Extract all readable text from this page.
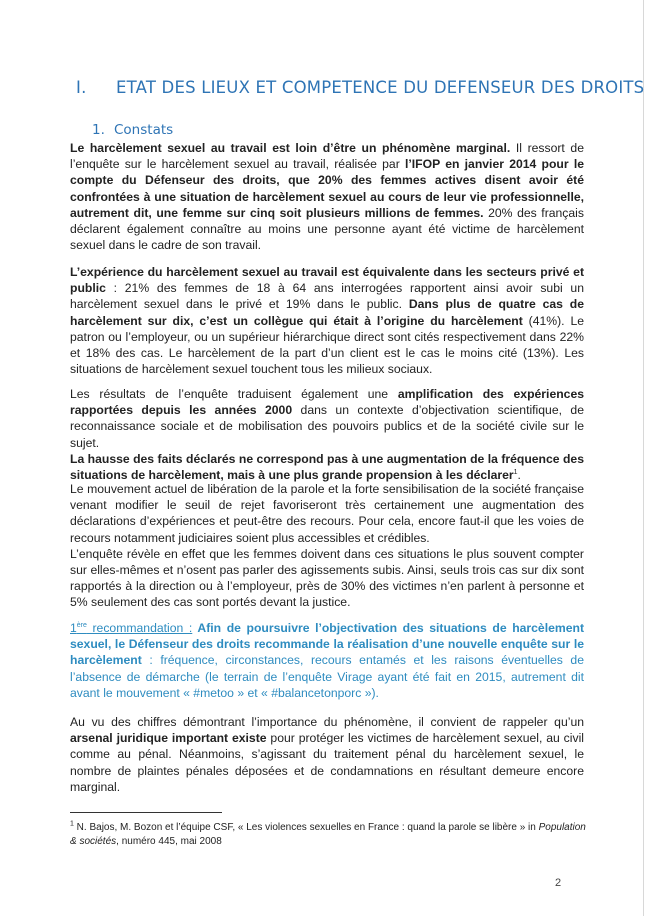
I. ETAT DES LIEUX ET COMPETENCE DU DEFENSEUR DES DROITS
1. Constats

Le harcèlement sexuel au travail est loin d’être un phénomène marginal. Il ressort de l’enquête sur le harcèlement sexuel au travail, réalisée par l’IFOP en janvier 2014 pour le compte du Défenseur des droits, que 20% des femmes actives disent avoir été confrontées à une situation de harcèlement sexuel au cours de leur vie professionnelle, autrement dit, une femme sur cinq soit plusieurs millions de femmes. 20% des français déclarent également connaître au moins une personne ayant été victime de harcèlement sexuel dans le cadre de son travail.

L’expérience du harcèlement sexuel au travail est équivalente dans les secteurs privé et public : 21% des femmes de 18 à 64 ans interrogées rapportent ainsi avoir subi un harcèlement sexuel dans le privé et 19% dans le public. Dans plus de quatre cas de harcèlement sur dix, c’est un collègue qui était à l’origine du harcèlement (41%). Le patron ou l’employeur, ou un supérieur hiérarchique direct sont cités respectivement dans 22% et 18% des cas. Le harcèlement de la part d’un client est le cas le moins cité (13%). Les situations de harcèlement sexuel touchent tous les milieux sociaux.

Les résultats de l’enquête traduisent également une amplification des expériences rapportées depuis les années 2000 dans un contexte d’objectivation scientifique, de reconnaissance sociale et de mobilisation des pouvoirs publics et de la société civile sur le sujet.

La hausse des faits déclarés ne correspond pas à une augmentation de la fréquence des situations de harcèlement, mais à une plus grande propension à les déclarer$^1$.

Le mouvement actuel de libération de la parole et la forte sensibilisation de la société française venant modifier le seuil de rejet favoriseront très certainement une augmentation des déclarations d’expériences et peut-être des recours. Pour cela, encore faut-il que les voies de recours notamment judiciaires soient plus accessibles et crédibles.

L’enquête révèle en effet que les femmes doivent dans ces situations le plus souvent compter sur elles-mêmes et n’osent pas parler des agissements subis. Ainsi, seuls trois cas sur dix sont rapportés à la direction ou à l’employeur, près de 30% des victimes n’en parlent à personne et 5% seulement des cas sont portés devant la justice.

1ère recommandation : Afin de poursuivre l’objectivation des situations de harcèlement sexuel, le Défenseur des droits recommande la réalisation d’une nouvelle enquête sur le harcèlement : fréquence, circonstances, recours entamés et les raisons éventuelles de l’absence de démarche (le terrain de l’enquête Virage ayant été fait en 2015, autrement dit avant le mouvement « #metoo » et « #balancetonporc »).

Au vu des chiffres démontrant l’importance du phénomène, il convient de rappeler qu’un arsenal juridique important existe pour protéger les victimes de harcèlement sexuel, au civil comme au pénal. Néanmoins, s’agissant du traitement pénal du harcèlement sexuel, le nombre de plaintes pénales déposées et de condamnations en résultant demeure encore marginal.

$^1$ N. Bajos, M. Bozon et l’équipe CSF, « Les violences sexuelles en France : quand la parole se libère » in Population & sociétés, numéro 445, mai 2008
2
